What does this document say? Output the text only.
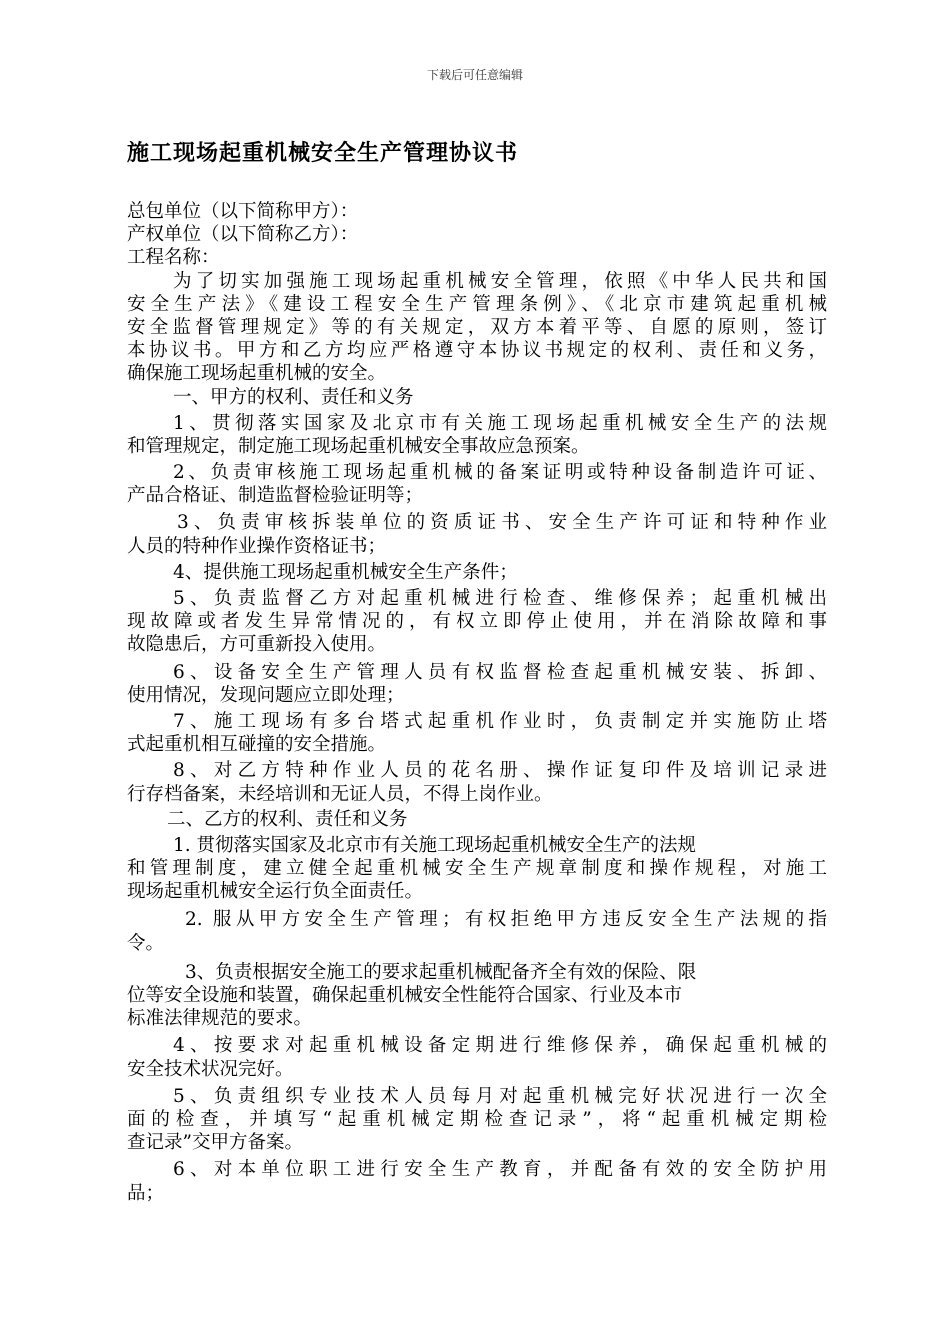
下载后可任意编辑
施工现场起重机械安全生产管理协议书
总包单位（以下简称甲方）：
产权单位（以下简称乙方）：
工程名称：
为了切实加强施工现场起重机械安全管理，依照《中华人民共和国
安全生产法》《建设工程安全生产管理条例》、《北京市建筑起重机械
安全监督管理规定》等的有关规定，双方本着平等、自愿的原则，签订
本协议书。甲方和乙方均应严格遵守本协议书规定的权利、责任和义务，
确保施工现场起重机械的安全。
一、甲方的权利、责任和义务
1、贯彻落实国家及北京市有关施工现场起重机械安全生产的法规
和管理规定，制定施工现场起重机械安全事故应急预案。
2、负责审核施工现场起重机械的备案证明或特种设备制造许可证、
产品合格证、制造监督检验证明等；
3、负责审核拆装单位的资质证书、安全生产许可证和特种作业
人员的特种作业操作资格证书；
4、提供施工现场起重机械安全生产条件；
5、负责监督乙方对起重机械进行检查、维修保养；起重机械出
现故障或者发生异常情况的，有权立即停止使用，并在消除故障和事
故隐患后，方可重新投入使用。
6、设备安全生产管理人员有权监督检查起重机械安装、拆卸、
使用情况，发现问题应立即处理；
7、施工现场有多台塔式起重机作业时，负责制定并实施防止塔
式起重机相互碰撞的安全措施。
8、对乙方特种作业人员的花名册、操作证复印件及培训记录进
行存档备案，未经培训和无证人员，不得上岗作业。
二、乙方的权利、责任和义务
1. 贯彻落实国家及北京市有关施工现场起重机械安全生产的法规
和管理制度，建立健全起重机械安全生产规章制度和操作规程，对施工
现场起重机械安全运行负全面责任。
2. 服从甲方安全生产管理；有权拒绝甲方违反安全生产法规的指
令。
3、负责根据安全施工的要求起重机械配备齐全有效的保险、限
位等安全设施和装置，确保起重机械安全性能符合国家、行业及本市
标准法律规范的要求。
4、按要求对起重机械设备定期进行维修保养，确保起重机械的
安全技术状况完好。
5、负责组织专业技术人员每月对起重机械完好状况进行一次全
面的检查，并填写“起重机械定期检查记录”，将“起重机械定期检
查记录”交甲方备案。
6、对本单位职工进行安全生产教育，并配备有效的安全防护用
品；
